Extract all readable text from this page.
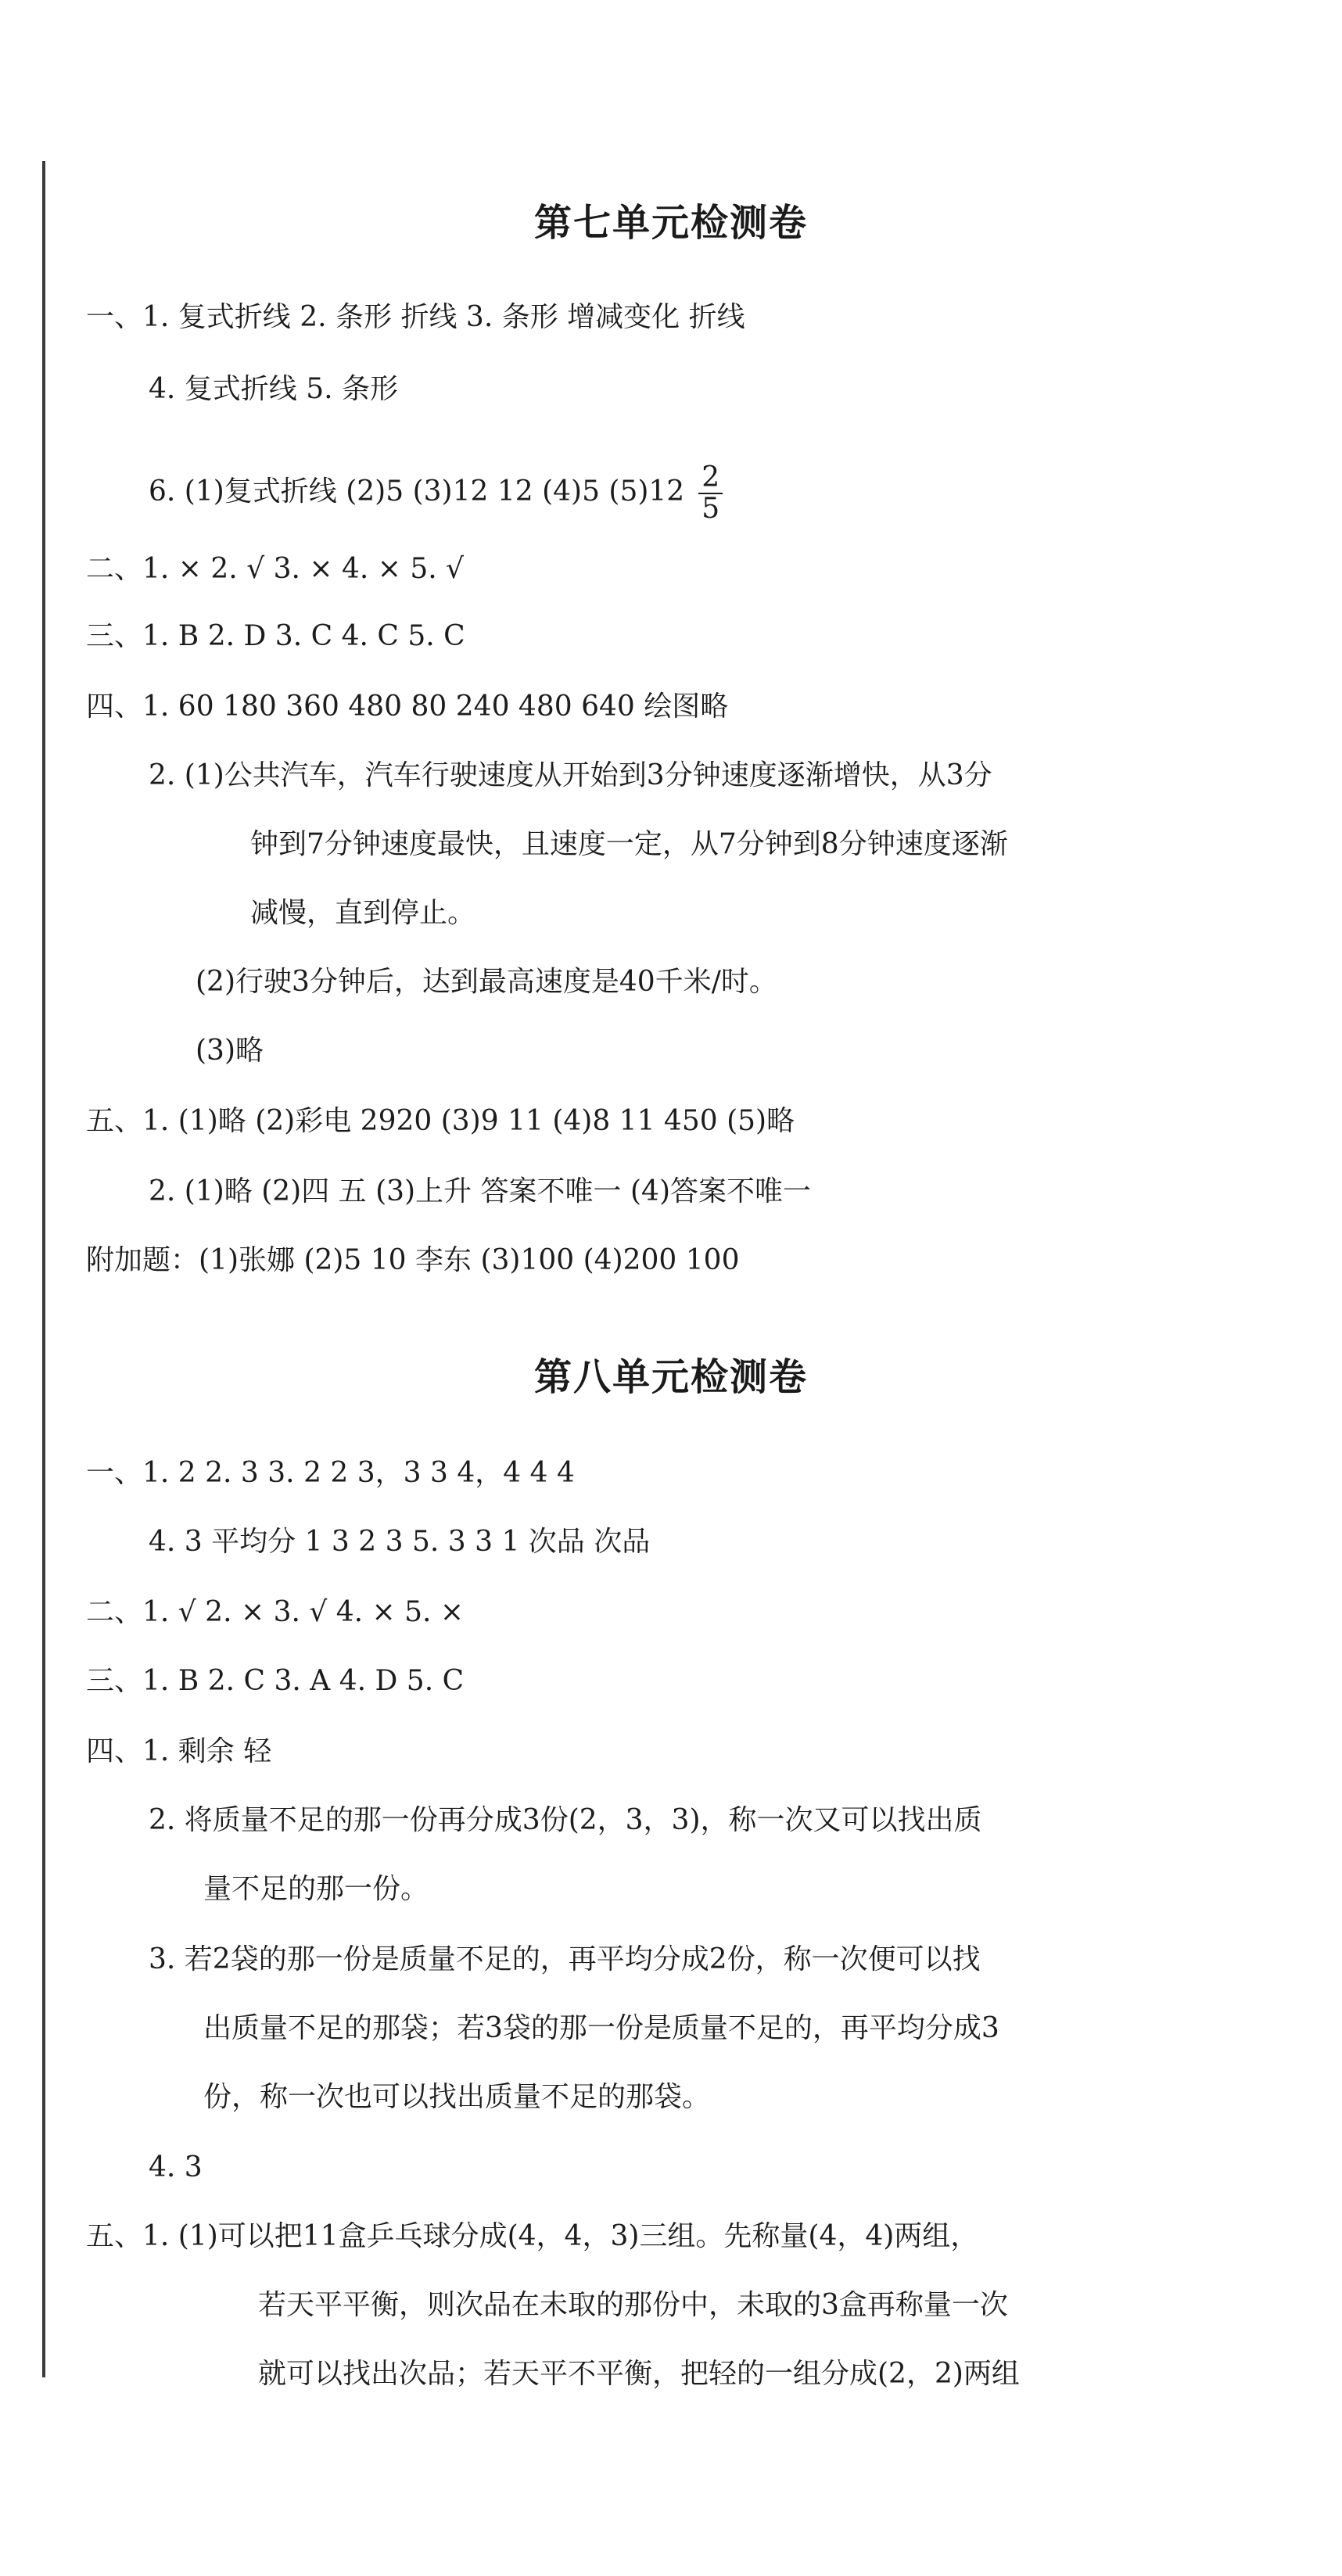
第七单元检测卷
一、1. 复式折线 2. 条形 折线 3. 条形 增减变化 折线
4. 复式折线 5. 条形
6. (1)复式折线 (2)5 (3)12 12 (4)5 $(5)12 \frac{2}{5}$
二、1. × 2. √ 3. × 4. × 5. √
三、1. B 2. D 3. C 4. C 5. C
四、1. 60 180 360 480 80 240 480 640 绘图略
2. (1)公共汽车，汽车行驶速度从开始到3分钟速度逐渐增快，从3分
钟到7分钟速度最快，且速度一定，从7分钟到8分钟速度逐渐
减慢，直到停止。
(2)行驶3分钟后，达到最高速度是40千米/时。
(3)略
五、1. (1)略 (2)彩电 2920 (3)9 11 (4)8 11 450 (5)略
2. (1)略 (2)四 五 (3)上升 答案不唯一 (4)答案不唯一
附加题：(1)张娜 (2)5 10 李东 (3)100 (4)200 100
第八单元检测卷
一、1. 2 2. 3 3. 2 2 3，3 3 4，4 4 4
4. 3 平均分 1 3 2 3 5. 3 3 1 次品 次品
二、1. √ 2. × 3. √ 4. × 5. ×
三、1. B 2. C 3. A 4. D 5. C
四、1. 剩余 轻
2. 将质量不足的那一份再分成3份(2，3，3)，称一次又可以找出质
量不足的那一份。
3. 若2袋的那一份是质量不足的，再平均分成2份，称一次便可以找
出质量不足的那袋；若3袋的那一份是质量不足的，再平均分成3
份，称一次也可以找出质量不足的那袋。
4. 3
五、1. (1)可以把11盒乒乓球分成(4，4，3)三组。先称量(4，4)两组，
若天平平衡，则次品在未取的那份中，未取的3盒再称量一次
就可以找出次品；若天平不平衡，把轻的一组分成(2，2)两组
